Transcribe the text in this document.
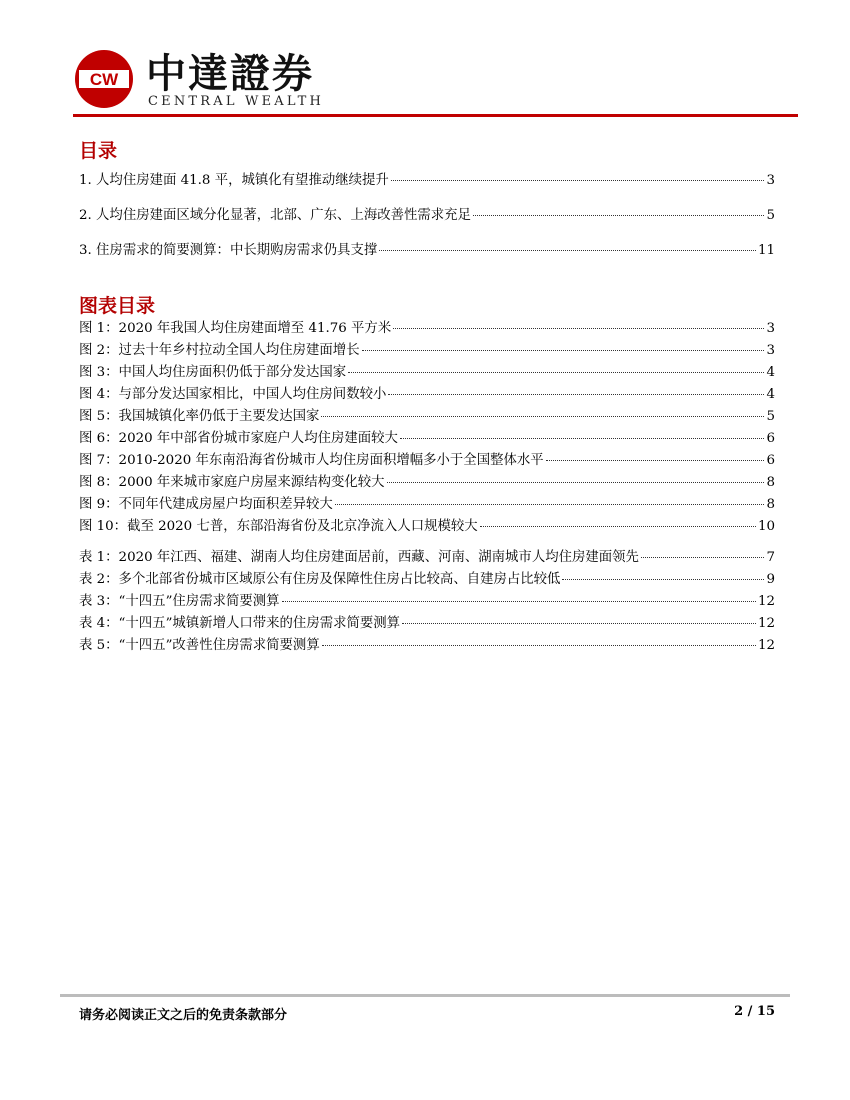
CW 中達證券
CENTRAL WEALTH
目录
1. 人均住房建面 41.8 平，城镇化有望推动继续提升	3
2. 人均住房建面区域分化显著，北部、广东、上海改善性需求充足	5
3. 住房需求的简要测算：中长期购房需求仍具支撑	11
图表目录
图 1：2020 年我国人均住房建面增至 41.76 平方米	3
图 2：过去十年乡村拉动全国人均住房建面增长	3
图 3：中国人均住房面积仍低于部分发达国家	4
图 4：与部分发达国家相比，中国人均住房间数较小	4
图 5：我国城镇化率仍低于主要发达国家	5
图 6：2020 年中部省份城市家庭户人均住房建面较大	6
图 7：2010-2020 年东南沿海省份城市人均住房面积增幅多小于全国整体水平	6
图 8：2000 年来城市家庭户房屋来源结构变化较大	8
图 9：不同年代建成房屋户均面积差异较大	8
图 10：截至 2020 七普，东部沿海省份及北京净流入人口规模较大	10
表 1：2020 年江西、福建、湖南人均住房建面居前，西藏、河南、湖南城市人均住房建面领先	7
表 2：多个北部省份城市区域原公有住房及保障性住房占比较高、自建房占比较低	9
表 3：“十四五”住房需求简要测算	12
表 4：“十四五”城镇新增人口带来的住房需求简要测算	12
表 5：“十四五”改善性住房需求简要测算	12
请务必阅读正文之后的免责条款部分	2 / 15
